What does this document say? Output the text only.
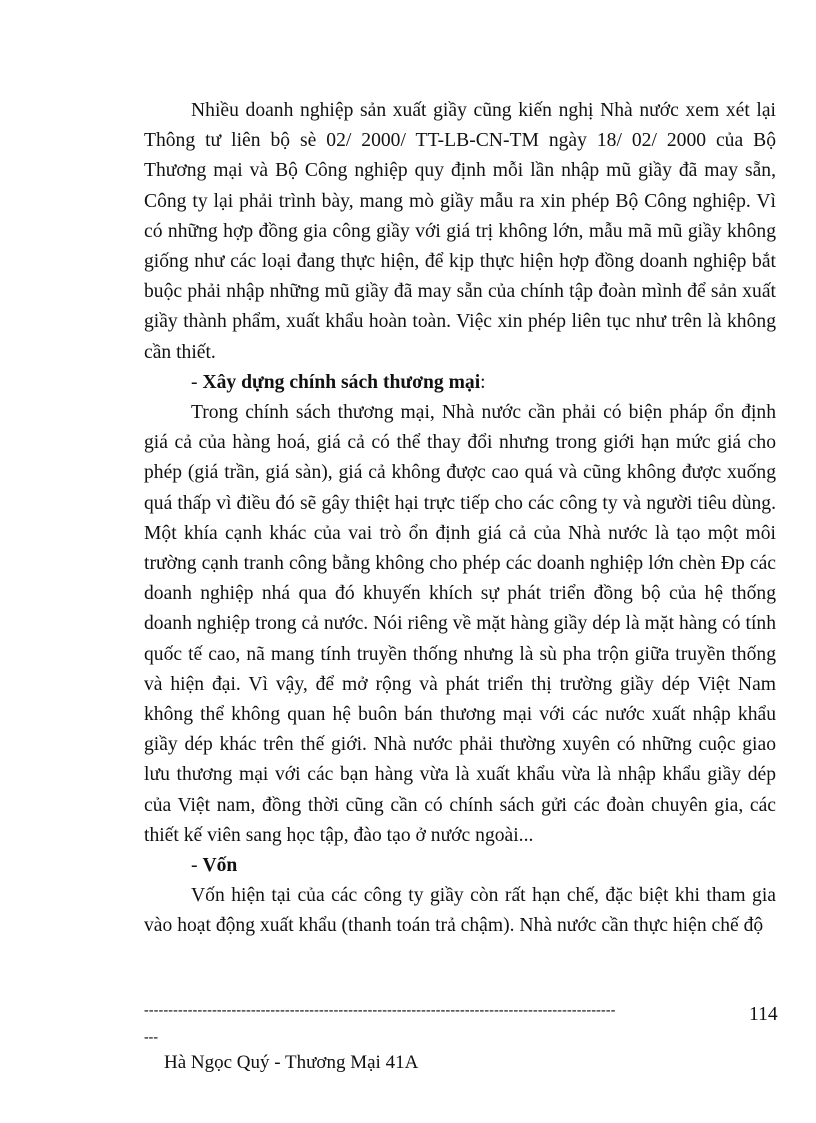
Nhiều doanh nghiệp sản xuất giầy cũng kiến nghị Nhà nước xem xét lại Thông tư liên bộ sè 02/ 2000/ TT-LB-CN-TM ngày 18/ 02/ 2000 của Bộ Thương mại và Bộ Công nghiệp quy định mỗi lần nhập mũ giầy đã may sẵn, Công ty lại phải trình bày, mang mò giầy mẫu ra xin phép Bộ Công nghiệp. Vì có những hợp đồng gia công giầy với giá trị không lớn, mẫu mã mũ giầy không giống như các loại đang thực hiện, để kịp thực hiện hợp đồng doanh nghiệp bắt buộc phải nhập những mũ giầy đã may sẵn của chính tập đoàn mình để sản xuất giầy thành phẩm, xuất khẩu hoàn toàn. Việc xin phép liên tục như trên là không cần thiết.

- Xây dựng chính sách thương mại:

Trong chính sách thương mại, Nhà nước cần phải có biện pháp ổn định giá cả của hàng hoá, giá cả có thể thay đổi nhưng trong giới hạn mức giá cho phép (giá trần, giá sàn), giá cả không được cao quá và cũng không được xuống quá thấp vì điều đó sẽ gây thiệt hại trực tiếp cho các công ty và người tiêu dùng. Một khía cạnh khác của vai trò ổn định giá cả của Nhà nước là tạo một môi trường cạnh tranh công bằng không cho phép các doanh nghiệp lớn chèn Đp các doanh nghiệp nhá qua đó khuyến khích sự phát triển đồng bộ của hệ thống doanh nghiệp trong cả nước. Nói riêng về mặt hàng giầy dép là mặt hàng có tính quốc tế cao, nã mang tính truyền thống nhưng là sù pha trộn giữa truyền thống và hiện đại. Vì vậy, để mở rộng và phát triển thị trường giầy dép Việt Nam không thể không quan hệ buôn bán thương mại với các nước xuất nhập khẩu giầy dép khác trên thế giới. Nhà nước phải thường xuyên có những cuộc giao lưu thương mại với các bạn hàng vừa là xuất khẩu vừa là nhập khẩu giầy dép của Việt nam, đồng thời cũng cần có chính sách gửi các đoàn chuyên gia, các thiết kế viên sang học tập, đào tạo ở nước ngoài...

- Vốn

Vốn hiện tại của các công ty giầy còn rất hạn chế, đặc biệt khi tham gia vào hoạt động xuất khẩu (thanh toán trả chậm). Nhà nước cần thực hiện chế độ

-------------------------------------------------------------------------------------------------
---
114
Hà Ngọc Quý - Thương Mại 41A
